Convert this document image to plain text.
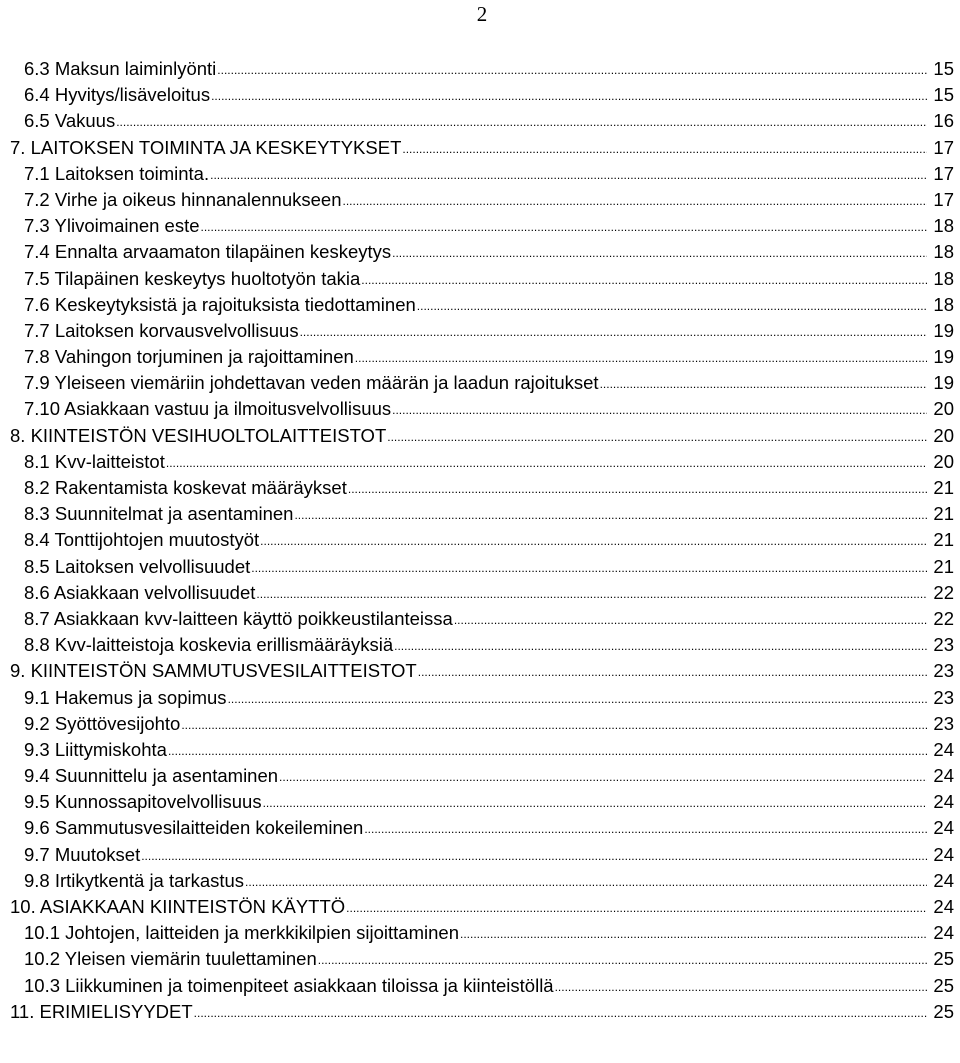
2
6.3 Maksun laiminlyönti .....	15
6.4 Hyvitys/lisäveloitus .....	15
6.5 Vakuus .....	16
7. LAITOKSEN TOIMINTA JA KESKEYTYKSET .....	17
7.1 Laitoksen toiminta. .....	17
7.2 Virhe ja oikeus hinnanalennukseen .....	17
7.3 Ylivoimainen este .....	18
7.4 Ennalta arvaamaton tilapäinen keskeytys .....	18
7.5 Tilapäinen keskeytys huoltotyön takia .....	18
7.6 Keskeytyksistä ja rajoituksista tiedottaminen .....	18
7.7 Laitoksen korvausvelvollisuus .....	19
7.8 Vahingon torjuminen ja rajoittaminen .....	19
7.9 Yleiseen viemäriin johdettavan veden määrän ja laadun rajoitukset .....	19
7.10 Asiakkaan vastuu ja ilmoitusvelvollisuus .....	20
8. KIINTEISTÖN VESIHUOLTOLAITTEISTOT .....	20
8.1 Kvv-laitteistot .....	20
8.2 Rakentamista koskevat määräykset .....	21
8.3 Suunnitelmat ja asentaminen .....	21
8.4 Tonttijohtojen muutostyöt .....	21
8.5 Laitoksen velvollisuudet .....	21
8.6 Asiakkaan velvollisuudet .....	22
8.7 Asiakkaan kvv-laitteen käyttö poikkeustilanteissa .....	22
8.8 Kvv-laitteistoja koskevia erillismääräyksiä .....	23
9. KIINTEISTÖN SAMMUTUSVESILAITTEISTOT .....	23
9.1 Hakemus ja sopimus .....	23
9.2 Syöttövesijohto .....	23
9.3 Liittymiskohta .....	24
9.4 Suunnittelu ja asentaminen .....	24
9.5 Kunnossapitovelvollisuus .....	24
9.6 Sammutusvesilaitteiden kokeileminen .....	24
9.7 Muutokset .....	24
9.8 Irtikytkentä ja tarkastus .....	24
10. ASIAKKAAN KIINTEISTÖN KÄYTTÖ .....	24
10.1 Johtojen, laitteiden ja merkkikilpien sijoittaminen .....	24
10.2 Yleisen viemärin tuulettaminen .....	25
10.3 Liikkuminen ja toimenpiteet asiakkaan tiloissa ja kiinteistöllä .....	25
11. ERIMIELISYYDET .....	25
